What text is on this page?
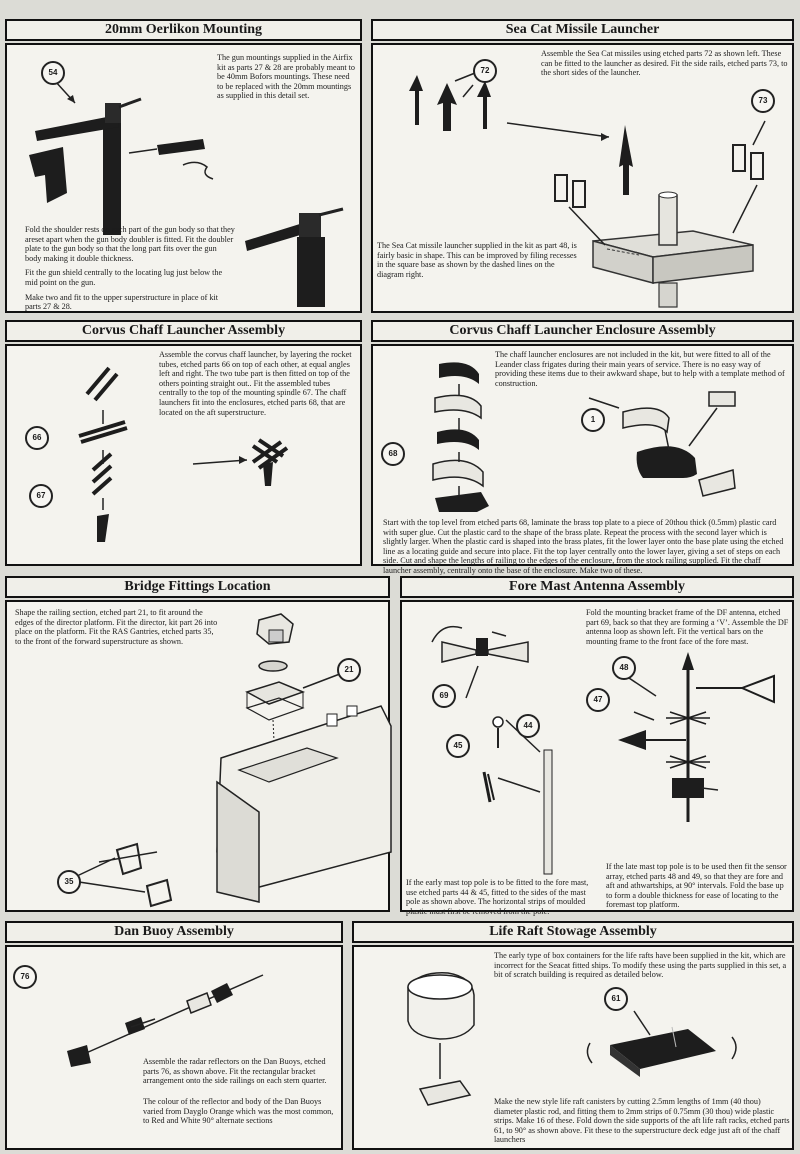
20mm Oerlikon Mounting
54
The gun mountings supplied in the Airfix kit as parts 27 & 28 are probably meant to be 40mm Bofors mountings. These need to be replaced with the 20mm mountings as supplied in this detail set.

Fold the shoulder rests on each part of the gun body so that they areset apart when the gun body doubler is fitted. Fit the doubler plate to the gun body so that the long part fits over the gun body making it double thickness.

Fit the gun shield centrally to the locating lug just below the mid point on the gun.

Make two and fit to the upper superstructure in place of kit parts 27 & 28.

Sea Cat Missile Launcher
72
73
Assemble the Sea Cat missiles using etched parts 72 as shown left. These can be fitted to the launcher as desired. Fit the side rails, etched parts 73, to the short sides of the launcher.
The Sea Cat missile launcher supplied in the kit as part 48, is fairly basic in shape. This can be improved by filing recesses in the square base as shown by the dashed lines on the diagram right.
Corvus Chaff Launcher Assembly
66
67
Assemble the corvus chaff launcher, by layering the rocket tubes, etched parts 66 on top of each other, at equal angles left and right. The two tube part is then fitted on top of the others pointing straight out.. Fit the assembled tubes centrally to the top of the mounting spindle 67. The chaff launchers fit into the enclosures, etched parts 68, that are located on the aft superstructure.
Corvus Chaff Launcher Enclosure Assembly
68
1
The chaff launcher enclosures are not included in the kit, but were fitted to all of the Leander class frigates during their main years of service. There is no easy way of providing these items due to their awkward shape, but to help with a template method of construction.
Start with the top level from etched parts 68, laminate the brass top plate to a piece of 20thou thick (0.5mm) plastic card with super glue. Cut the plastic card to the shape of the brass plate. Repeat the process with the second layer which is slightly larger. When the plastic card is shaped into the brass plates, fit the lower layer onto the base plate using the etched line as a locating guide and secure into place. Fit the top layer centrally onto the lower layer, giving a set of steps on each side. Cut and shape the lengths of railing to the edges of the enclosure, from the stock railing supplied. Fit the chaff launcher assembly, centrally onto the base of the enclosure. Make two of these.
Bridge Fittings Location
21
35
Shape the railing section, etched part 21, to fit around the edges of the director platform. Fit the director, kit part 26 into place on the platform. Fit the RAS Gantries, etched parts 35, to the front of the forward superstructure as shown.
Fore Mast Antenna Assembly
69
44
45
48
47
Fold the mounting bracket frame of the DF antenna, etched part 69, back so that they are forming a ‘V’. Assemble the DF antenna loop as shown left. Fit the vertical bars on the mounting frame to the front face of the fore mast.
If the early mast top pole is to be fitted to the fore mast, use etched parts 44 & 45, fitted to the sides of the mast pole as shown above. The horizontal strips of moulded plastic must first be removed from the pole.
If the late mast top pole is to be used then fit the sensor array, etched parts 48 and 49, so that they are fore and aft and athwartships, at 90° intervals. Fold the base up to form a double thickness for ease of locating to the foremast top platform.
Dan Buoy Assembly
76
Assemble the radar reflectors on the Dan Buoys, etched parts 76, as shown above. Fit the rectangular bracket arrangement onto the side railings on each stern quarter.
The colour of the reflector and body of the Dan Buoys varied from Dayglo Orange which was the most common, to Red and White 90° alternate sections
Life Raft Stowage Assembly
61
The early type of box containers for the life rafts have been supplied in the kit, which are incorrect for the Seacat fitted ships. To modify these using the parts supplied in this set, a bit of scratch building is required as detailed below.
Make the new style life raft canisters by cutting 2.5mm lengths of 1mm (40 thou) diameter plastic rod, and fitting them to 2mm strips of 0.75mm (30 thou) wide plastic strips. Make 16 of these. Fold down the side supports of the aft life raft racks, etched parts 61, to 90° as shown above. Fit these to the superstructure deck edge just aft of the chaff launchers
